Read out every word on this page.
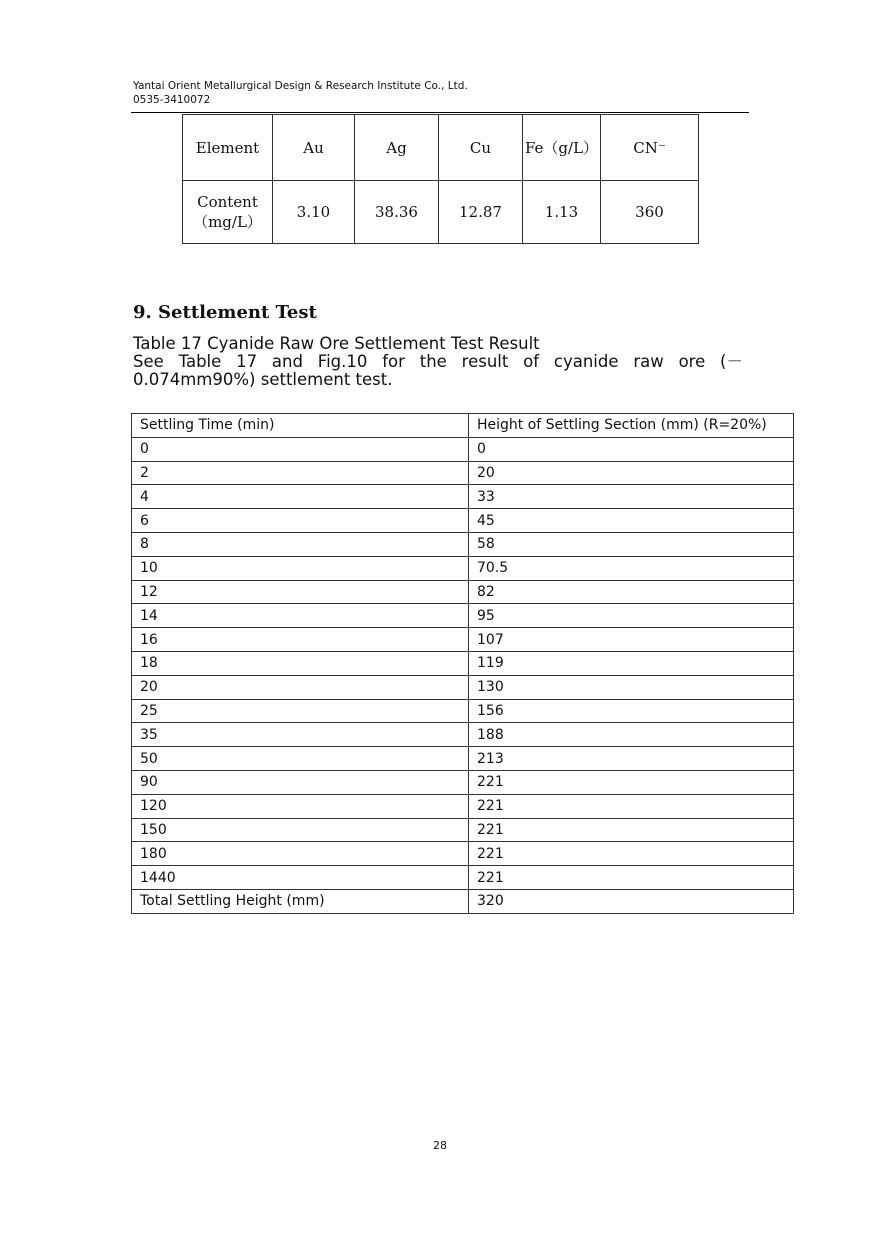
Yantai Orient Metallurgical Design & Research Institute Co., Ltd.
0535-3410072
Element	Au	Ag	Cu	Fe（g/L）	CN⁻

Content
（mg/L）	3.10	38.36	12.87	1.13	360
9. Settlement Test
Table 17 Cyanide Raw Ore Settlement Test Result
See Table 17 and Fig.10 for the result of cyanide raw ore (－0.074mm90%) settlement test.
Settling Time (min)	Height of Settling Section (mm) (R=20%)
0	0
2	20
4	33
6	45
8	58
10	70.5
12	82
14	95
16	107
18	119
20	130
25	156
35	188
50	213
90	221
120	221
150	221
180	221
1440	221
Total Settling Height (mm)	320
28
